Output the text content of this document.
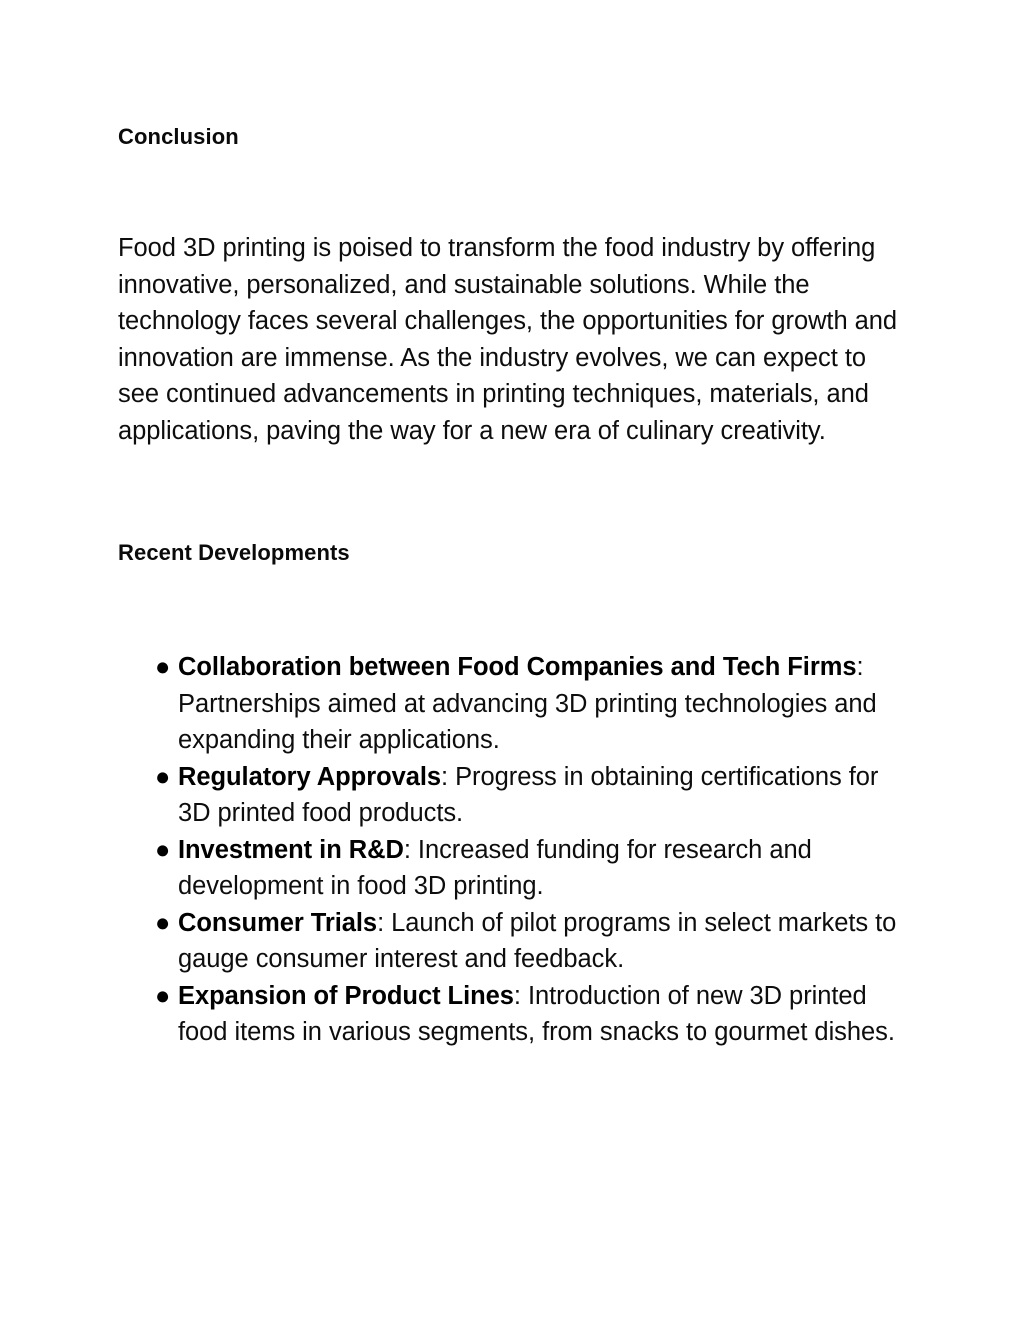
Conclusion

Food 3D printing is poised to transform the food industry by offering innovative, personalized, and sustainable solutions. While the technology faces several challenges, the opportunities for growth and innovation are immense. As the industry evolves, we can expect to see continued advancements in printing techniques, materials, and applications, paving the way for a new era of culinary creativity.

Recent Developments
● Collaboration between Food Companies and Tech Firms: Partnerships aimed at advancing 3D printing technologies and expanding their applications.
● Regulatory Approvals: Progress in obtaining certifications for 3D printed food products.
● Investment in R&D: Increased funding for research and development in food 3D printing.
● Consumer Trials: Launch of pilot programs in select markets to gauge consumer interest and feedback.
● Expansion of Product Lines: Introduction of new 3D printed food items in various segments, from snacks to gourmet dishes.
